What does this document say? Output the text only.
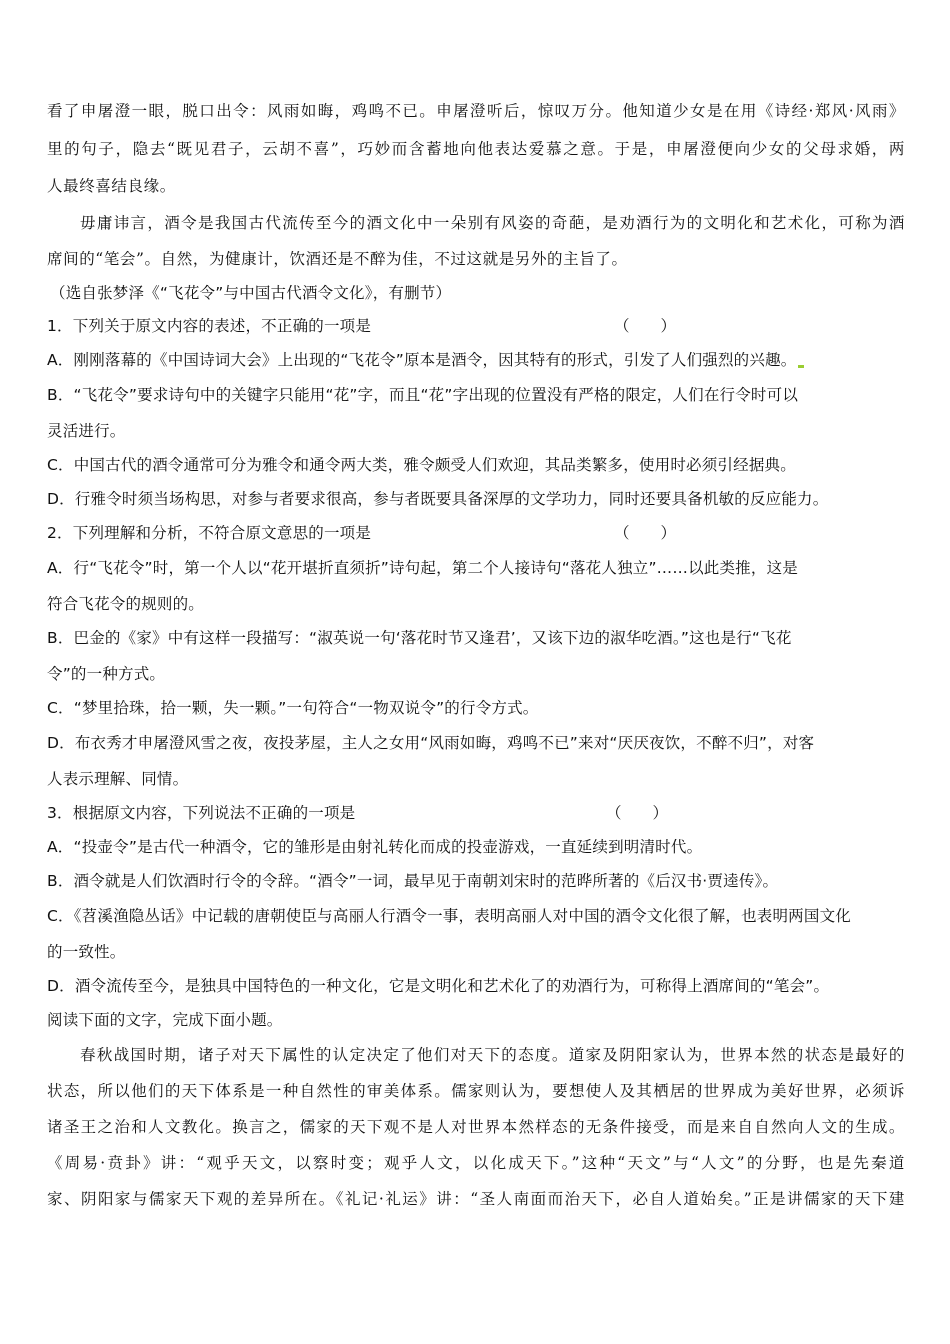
看了申屠澄一眼，脱口出令：风雨如晦，鸡鸣不已。申屠澄听后，惊叹万分。他知道少女是在用《诗经·郑风·风雨》
里的句子，隐去“既见君子，云胡不喜”，巧妙而含蓄地向他表达爱慕之意。于是，申屠澄便向少女的父母求婚，两
人最终喜结良缘。
毋庸讳言，酒令是我国古代流传至今的酒文化中一朵别有风姿的奇葩，是劝酒行为的文明化和艺术化，可称为酒
席间的“笔会”。自然，为健康计，饮酒还是不醉为佳，不过这就是另外的主旨了。
（选自张梦泽《“飞花令”与中国古代酒令文化》，有删节）
1．下列关于原文内容的表述，不正确的一项是	（　　）
A．刚刚落幕的《中国诗词大会》上出现的“飞花令”原本是酒令，因其特有的形式，引发了人们强烈的兴趣。
B．“飞花令”要求诗句中的关键字只能用“花”字，而且“花”字出现的位置没有严格的限定，人们在行令时可以
灵活进行。
C．中国古代的酒令通常可分为雅令和通令两大类，雅令颇受人们欢迎，其品类繁多，使用时必须引经据典。
D．行雅令时须当场构思，对参与者要求很高，参与者既要具备深厚的文学功力，同时还要具备机敏的反应能力。
2．下列理解和分析，不符合原文意思的一项是	（　　）
A．行“飞花令”时，第一个人以“花开堪折直须折”诗句起，第二个人接诗句“落花人独立”……以此类推，这是
符合飞花令的规则的。
B．巴金的《家》中有这样一段描写：“淑英说一句‘落花时节又逢君’，又该下边的淑华吃酒。”这也是行“飞花
令”的一种方式。
C．“梦里拾珠，拾一颗，失一颗。”一句符合“一物双说令”的行令方式。
D．布衣秀才申屠澄风雪之夜，夜投茅屋，主人之女用“风雨如晦，鸡鸣不已”来对“厌厌夜饮，不醉不归”，对客
人表示理解、同情。
3．根据原文内容，下列说法不正确的一项是	（　　）
A．“投壶令”是古代一种酒令，它的雏形是由射礼转化而成的投壶游戏，一直延续到明清时代。
B．酒令就是人们饮酒时行令的令辞。“酒令”一词，最早见于南朝刘宋时的范晔所著的《后汉书·贾逵传》。
C．《苕溪渔隐丛话》中记载的唐朝使臣与高丽人行酒令一事，表明高丽人对中国的酒令文化很了解，也表明两国文化
的一致性。
D．酒令流传至今，是独具中国特色的一种文化，它是文明化和艺术化了的劝酒行为，可称得上酒席间的“笔会”。
阅读下面的文字，完成下面小题。
春秋战国时期，诸子对天下属性的认定决定了他们对天下的态度。道家及阴阳家认为，世界本然的状态是最好的
状态，所以他们的天下体系是一种自然性的审美体系。儒家则认为，要想使人及其栖居的世界成为美好世界，必须诉
诸圣王之治和人文教化。换言之，儒家的天下观不是人对世界本然样态的无条件接受，而是来自自然向人文的生成。
《周易·贲卦》讲：“观乎天文，以察时变；观乎人文，以化成天下。”这种“天文”与“人文”的分野，也是先秦道
家、阴阳家与儒家天下观的差异所在。《礼记·礼运》讲：“圣人南面而治天下，必自人道始矣。”正是讲儒家的天下建
